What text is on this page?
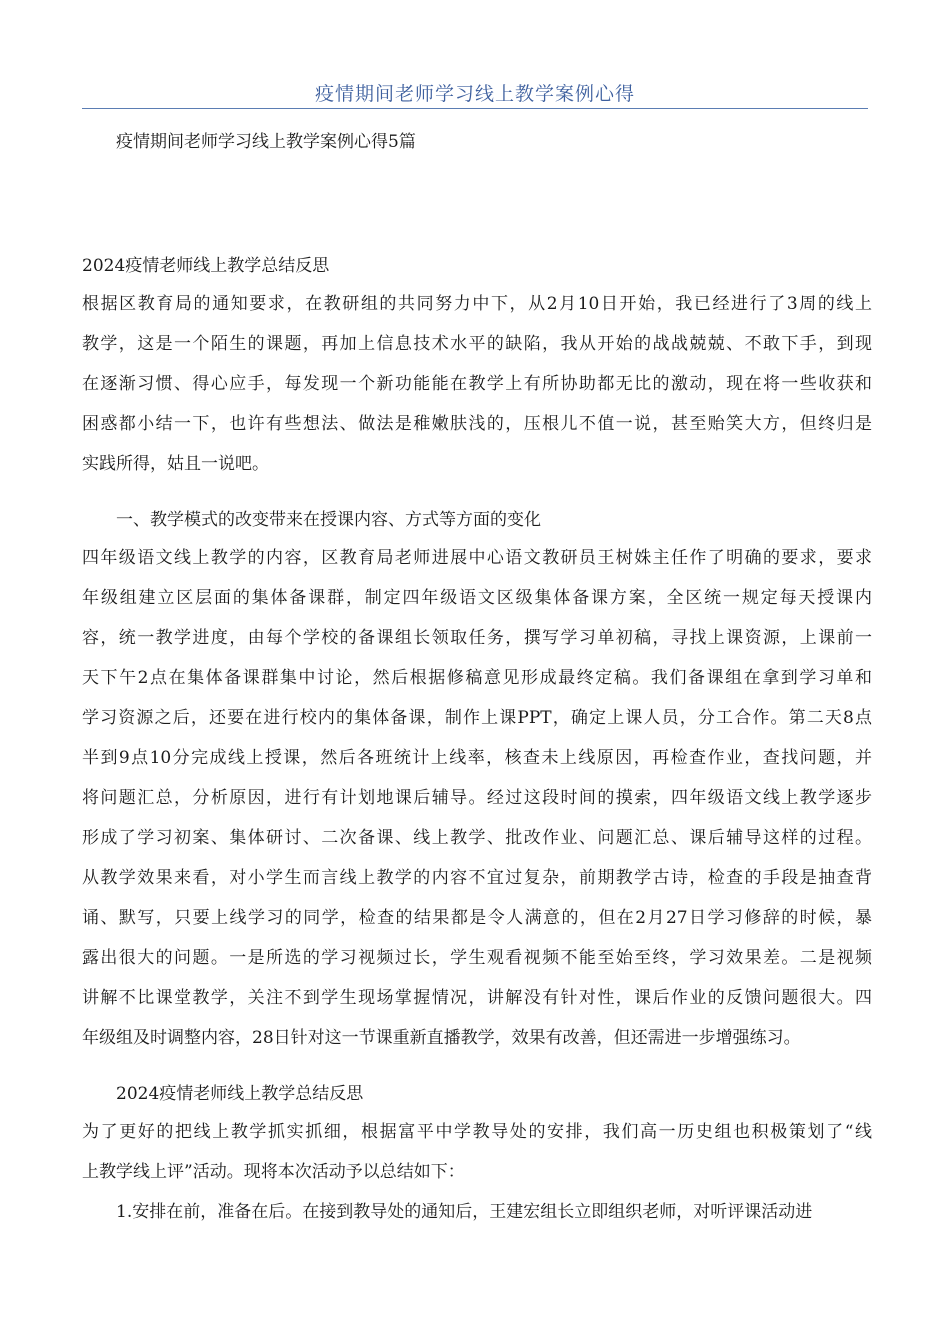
疫情期间老师学习线上教学案例心得
疫情期间老师学习线上教学案例心得5篇
2024疫情老师线上教学总结反思
根据区教育局的通知要求，在教研组的共同努力中下，从2月10日开始，我已经进行了3周的线上
教学，这是一个陌生的课题，再加上信息技术水平的缺陷，我从开始的战战兢兢、不敢下手，到现
在逐渐习惯、得心应手，每发现一个新功能能在教学上有所协助都无比的激动，现在将一些收获和
困惑都小结一下，也许有些想法、做法是稚嫩肤浅的，压根儿不值一说，甚至贻笑大方，但终归是
实践所得，姑且一说吧。
一、教学模式的改变带来在授课内容、方式等方面的变化
四年级语文线上教学的内容，区教育局老师进展中心语文教研员王树姝主任作了明确的要求，要求
年级组建立区层面的集体备课群，制定四年级语文区级集体备课方案，全区统一规定每天授课内
容，统一教学进度，由每个学校的备课组长领取任务，撰写学习单初稿，寻找上课资源，上课前一
天下午2点在集体备课群集中讨论，然后根据修稿意见形成最终定稿。我们备课组在拿到学习单和
学习资源之后，还要在进行校内的集体备课，制作上课PPT，确定上课人员，分工合作。第二天8点
半到9点10分完成线上授课，然后各班统计上线率，核查未上线原因，再检查作业，查找问题，并
将问题汇总，分析原因，进行有计划地课后辅导。经过这段时间的摸索，四年级语文线上教学逐步
形成了学习初案、集体研讨、二次备课、线上教学、批改作业、问题汇总、课后辅导这样的过程。
从教学效果来看，对小学生而言线上教学的内容不宜过复杂，前期教学古诗，检查的手段是抽查背
诵、默写，只要上线学习的同学，检查的结果都是令人满意的，但在2月27日学习修辞的时候，暴
露出很大的问题。一是所选的学习视频过长，学生观看视频不能至始至终，学习效果差。二是视频
讲解不比课堂教学，关注不到学生现场掌握情况，讲解没有针对性，课后作业的反馈问题很大。四
年级组及时调整内容，28日针对这一节课重新直播教学，效果有改善，但还需进一步增强练习。
2024疫情老师线上教学总结反思
为了更好的把线上教学抓实抓细，根据富平中学教导处的安排，我们高一历史组也积极策划了“线
上教学线上评”活动。现将本次活动予以总结如下：
1.安排在前，准备在后。在接到教导处的通知后，王建宏组长立即组织老师，对听评课活动进
